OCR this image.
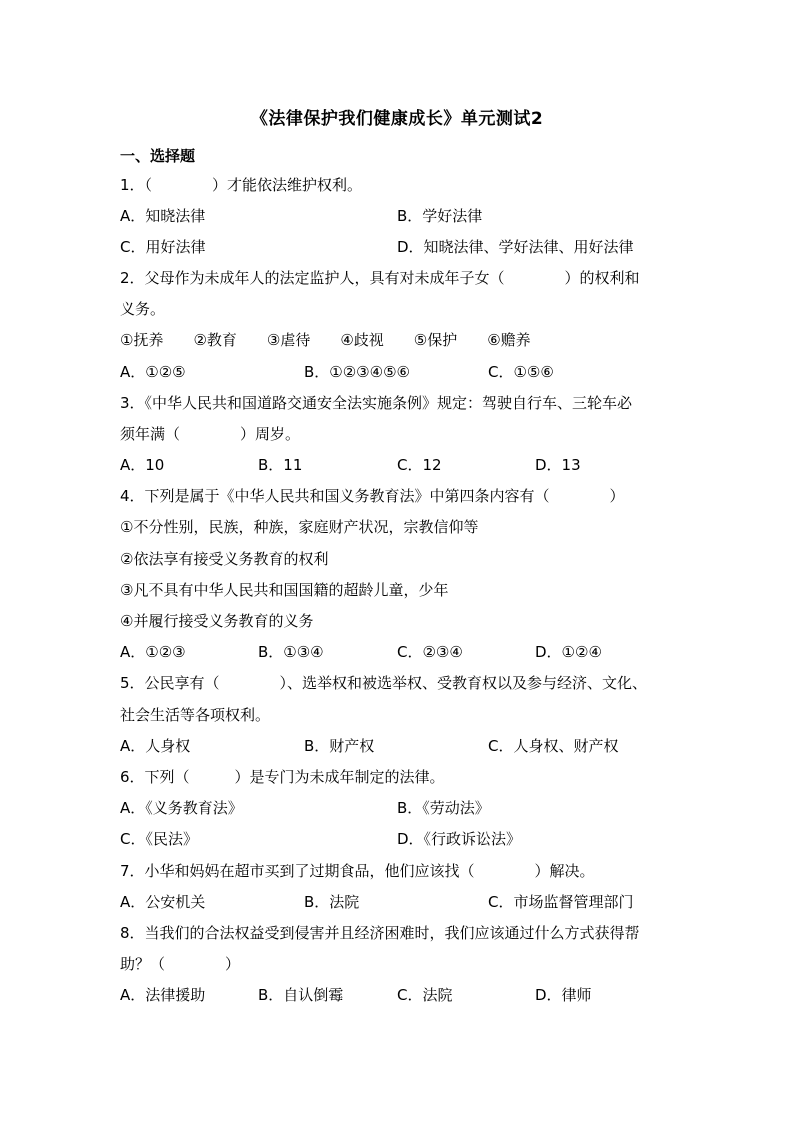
《法律保护我们健康成长》单元测试2
一、选择题
1．（　　　　）才能依法维护权利。
A．知晓法律	B．学好法律
C．用好法律	D．知晓法律、学好法律、用好法律
2．父母作为未成年人的法定监护人，具有对未成年子女（　　　　）的权利和
义务。
①抚养　　②教育　　③虐待　　④歧视　　⑤保护　　⑥赡养
A．①②⑤	B．①②③④⑤⑥	C．①⑤⑥
3．《中华人民共和国道路交通安全法实施条例》规定：驾驶自行车、三轮车必
须年满（　　　　）周岁。
A．10	B．11	C．12	D．13
4．下列是属于《中华人民共和国义务教育法》中第四条内容有（　　　　）
①不分性别，民族，种族，家庭财产状况，宗教信仰等
②依法享有接受义务教育的权利
③凡不具有中华人民共和国国籍的超龄儿童，少年
④并履行接受义务教育的义务
A．①②③	B．①③④	C．②③④	D．①②④
5．公民享有（　　　　）、选举权和被选举权、受教育权以及参与经济、文化、
社会生活等各项权利。
A．人身权	B．财产权	C．人身权、财产权
6．下列（　　　）是专门为未成年制定的法律。
A．《义务教育法》	B．《劳动法》
C．《民法》	D．《行政诉讼法》
7．小华和妈妈在超市买到了过期食品，他们应该找（　　　　）解决。
A．公安机关	B．法院	C．市场监督管理部门
8．当我们的合法权益受到侵害并且经济困难时，我们应该通过什么方式获得帮
助？（　　　　）
A．法律援助	B．自认倒霉	C．法院	D．律师
